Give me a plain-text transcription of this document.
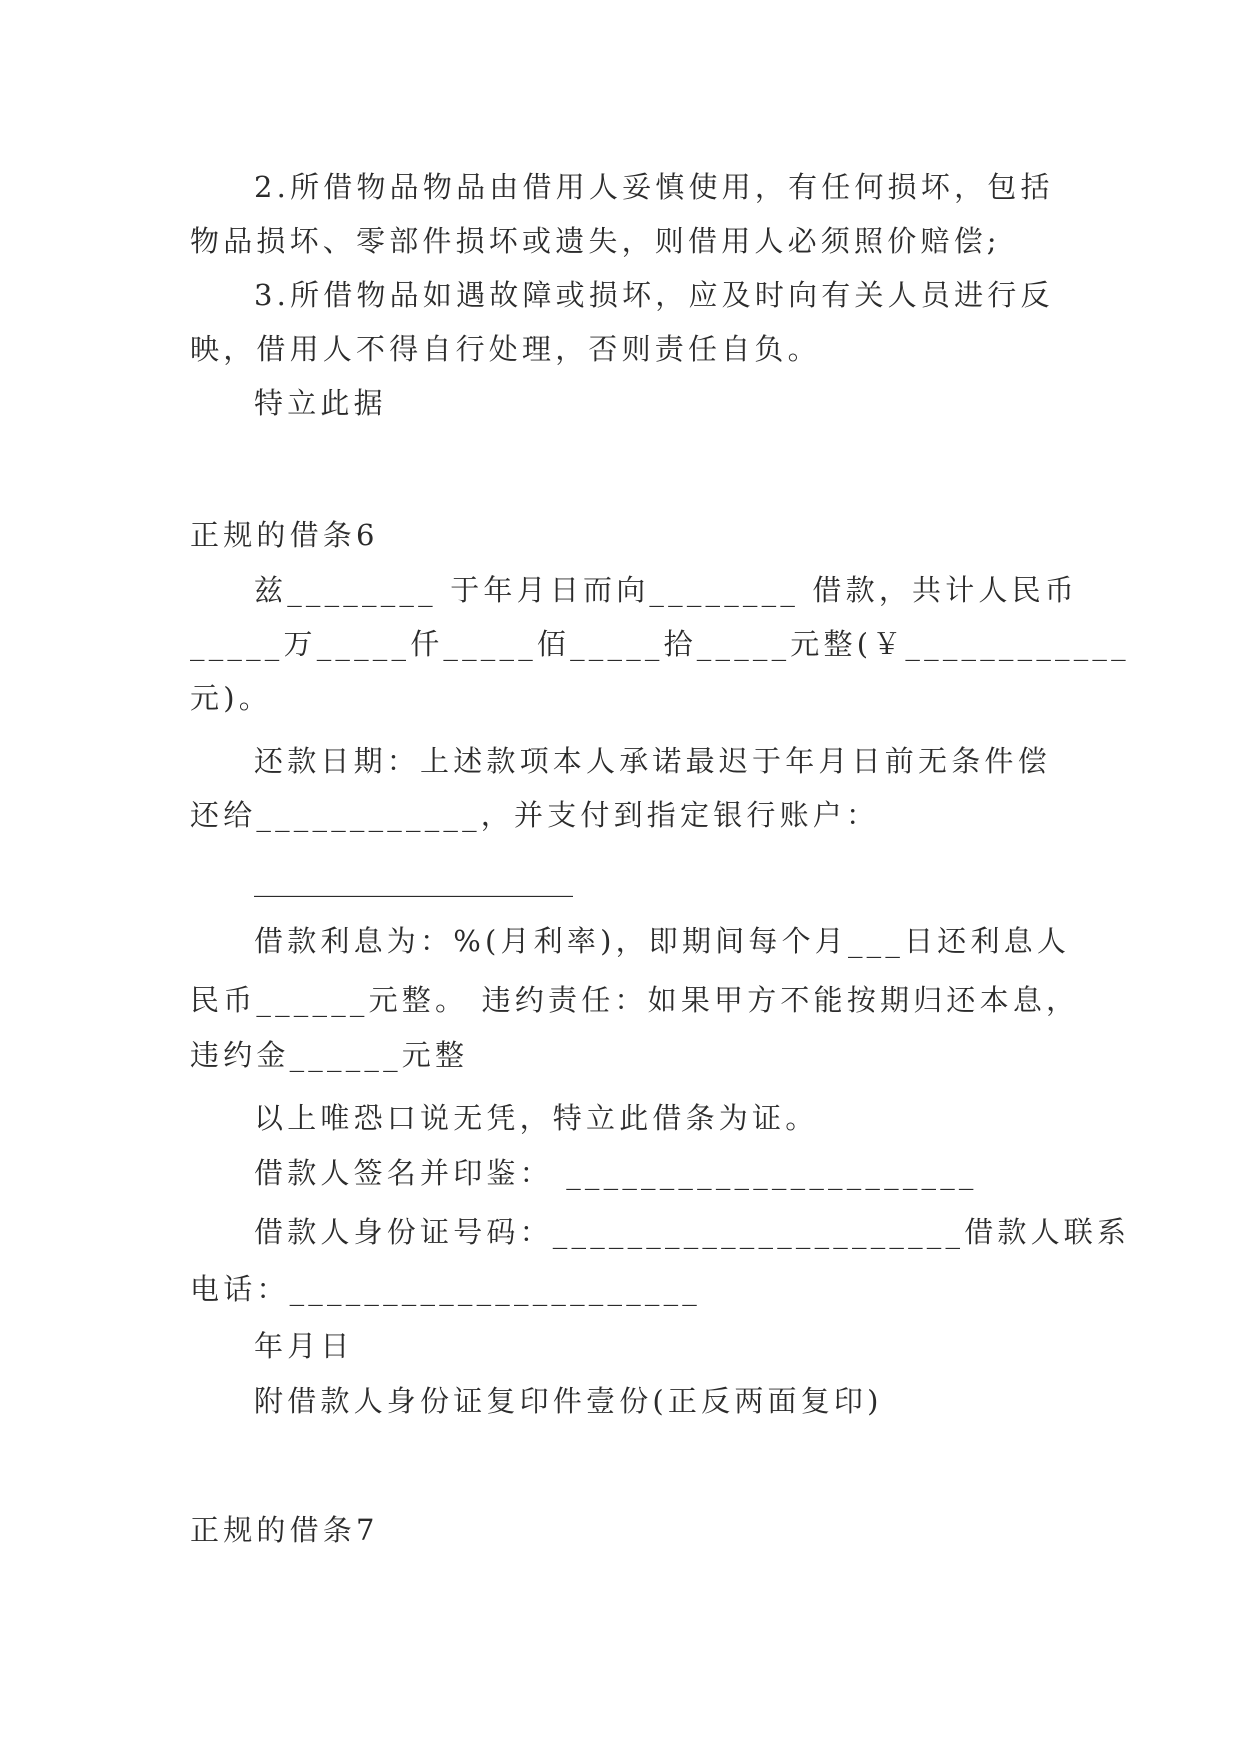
2.所借物品物品由借用人妥慎使用，有任何损坏，包括
物品损坏、零部件损坏或遗失，则借用人必须照价赔偿;
3.所借物品如遇故障或损坏，应及时向有关人员进行反
映，借用人不得自行处理，否则责任自负。
特立此据
正规的借条6
兹________ 于年月日而向________ 借款，共计人民币
_____万_____仟_____佰_____拾_____元整(￥____________
元)。
还款日期：上述款项本人承诺最迟于年月日前无条件偿
还给____________，并支付到指定银行账户：
______________________
借款利息为：%(月利率)，即期间每个月___日还利息人
民币______元整。 违约责任：如果甲方不能按期归还本息，
违约金______元整
以上唯恐口说无凭，特立此借条为证。
借款人签名并印鉴： ______________________
借款人身份证号码：______________________借款人联系
电话：______________________
年月日
附借款人身份证复印件壹份(正反两面复印)
正规的借条7
